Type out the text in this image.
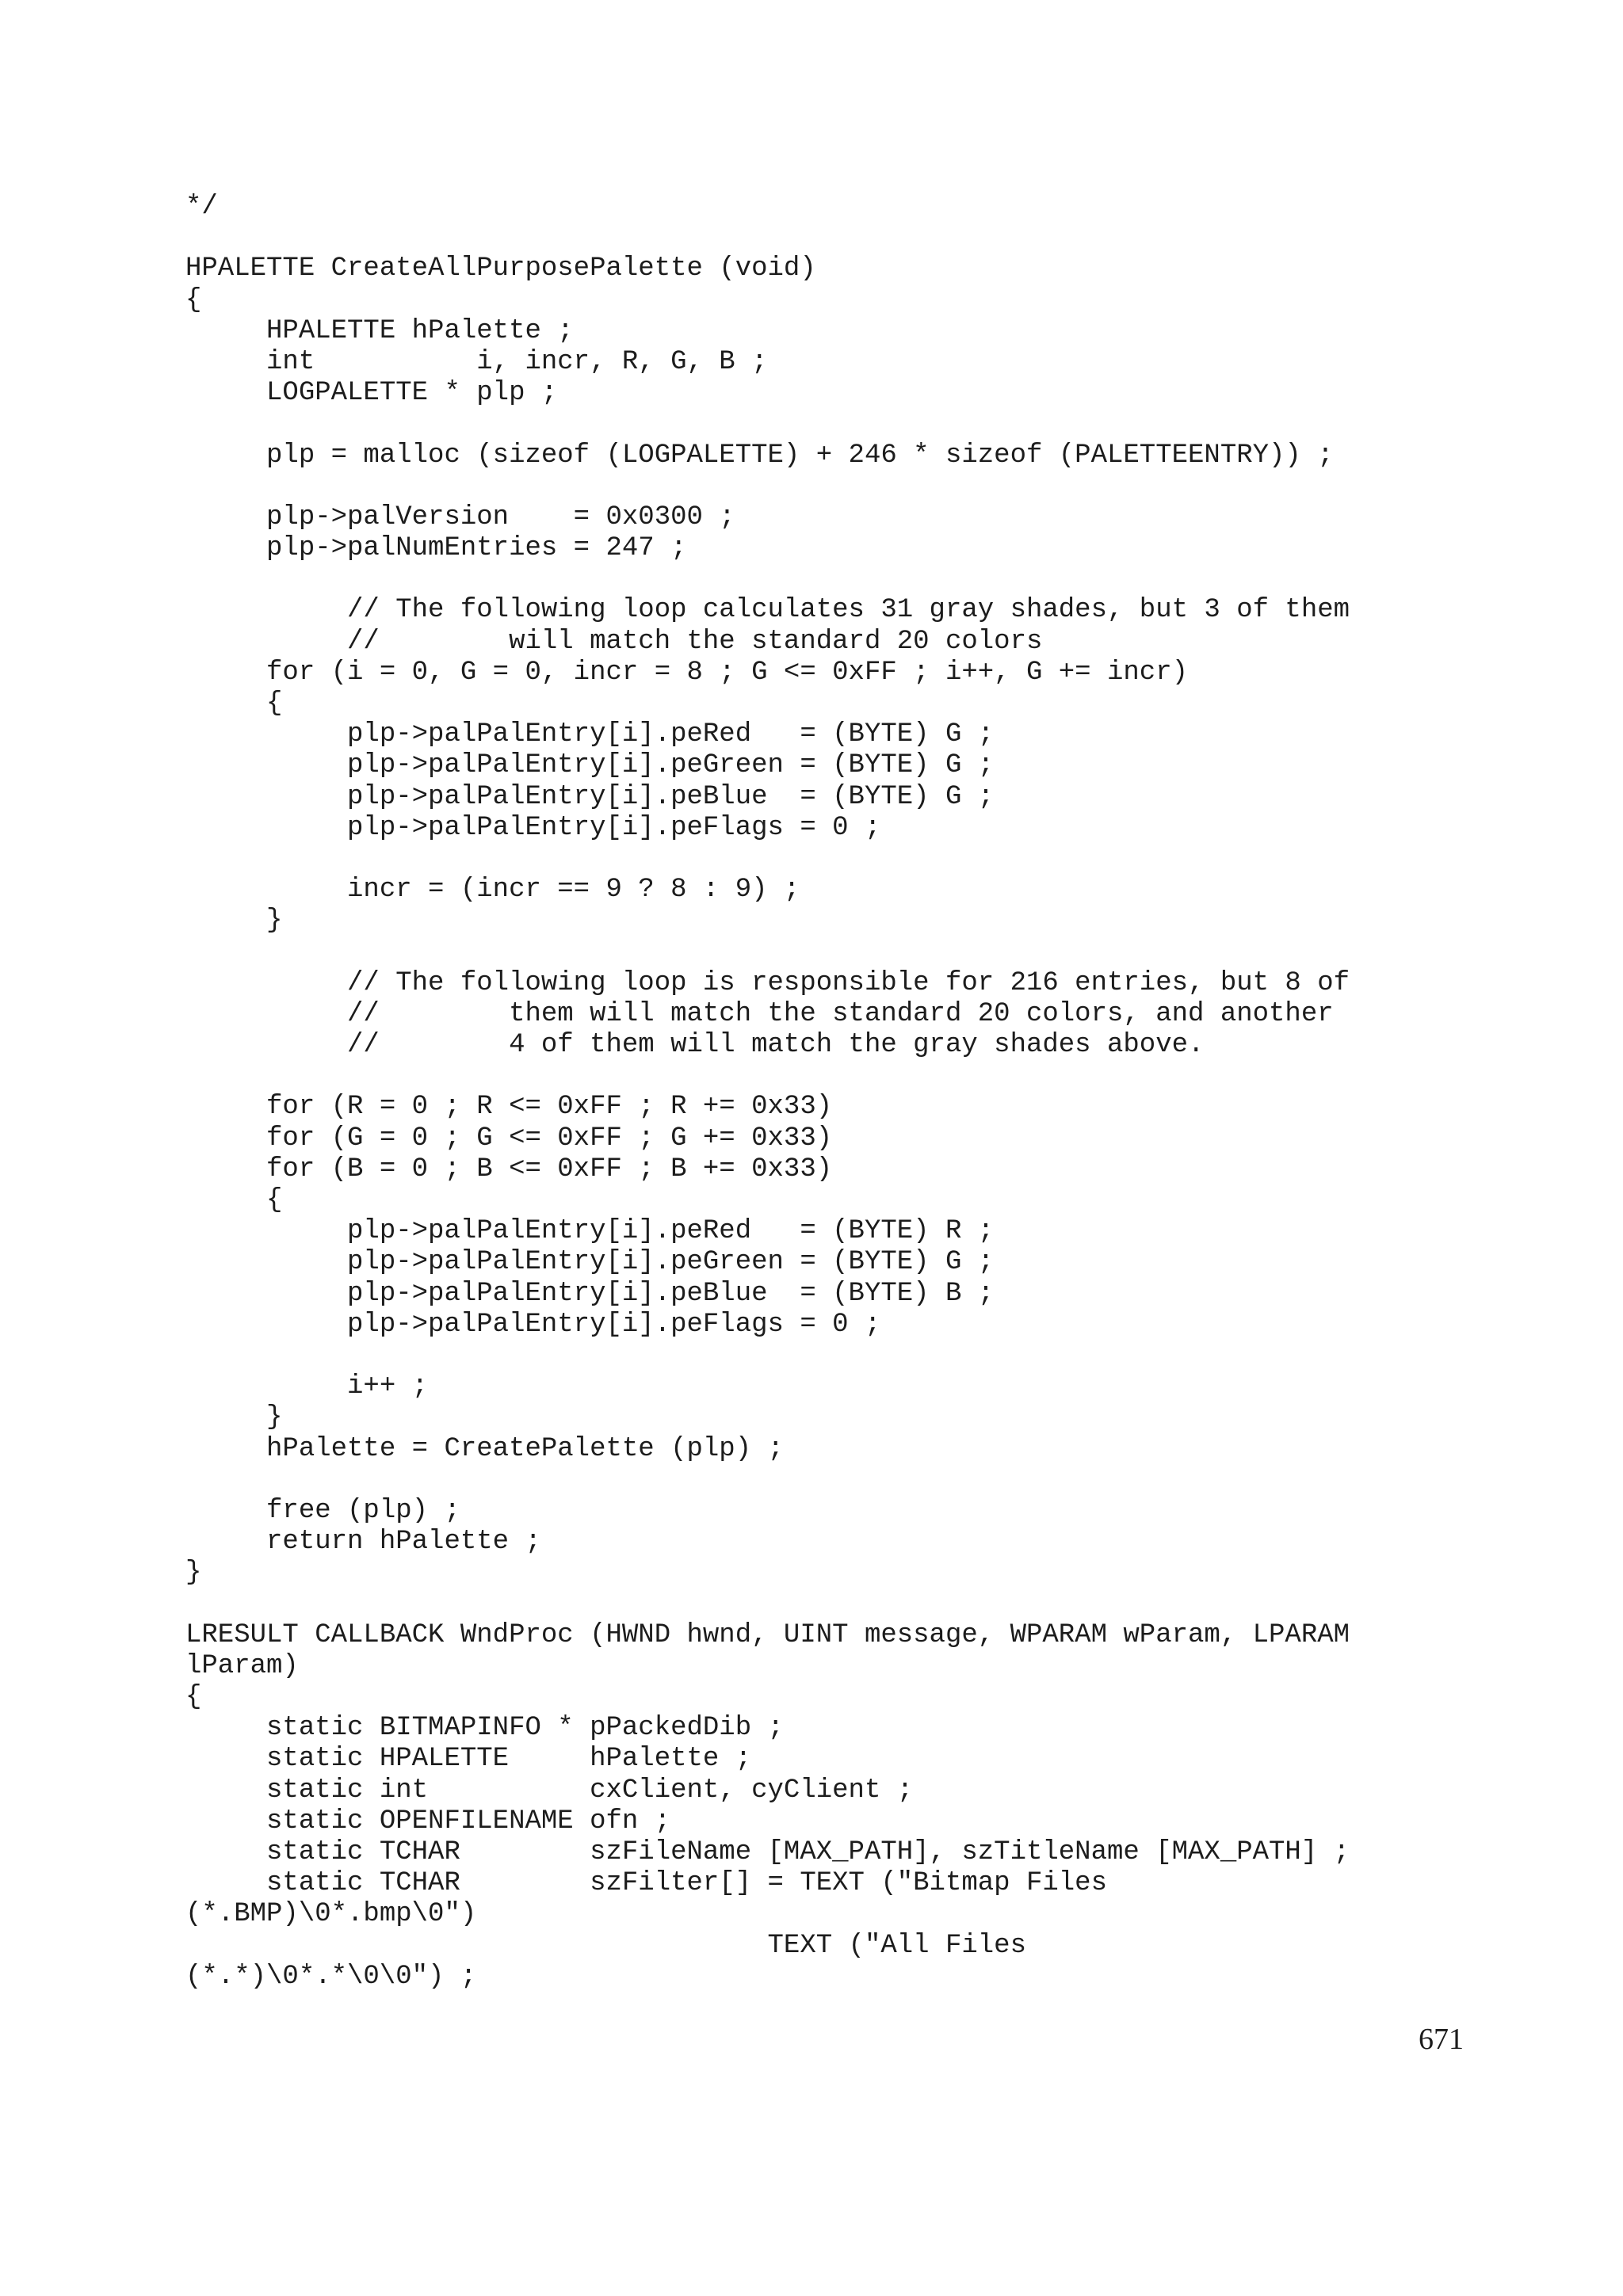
*/
HPALETTE CreateAllPurposePalette (void)
{
HPALETTE hPalette ;
int          i, incr, R, G, B ;
LOGPALETTE * plp ;
plp = malloc (sizeof (LOGPALETTE) + 246 * sizeof (PALETTEENTRY)) ;
plp->palVersion    = 0x0300 ;
plp->palNumEntries = 247 ;
// The following loop calculates 31 gray shades, but 3 of them
//        will match the standard 20 colors
for (i = 0, G = 0, incr = 8 ; G <= 0xFF ; i++, G += incr)
{
plp->palPalEntry[i].peRed   = (BYTE) G ;
plp->palPalEntry[i].peGreen = (BYTE) G ;
plp->palPalEntry[i].peBlue  = (BYTE) G ;
plp->palPalEntry[i].peFlags = 0 ;
incr = (incr == 9 ? 8 : 9) ;
}
// The following loop is responsible for 216 entries, but 8 of
//        them will match the standard 20 colors, and another
//        4 of them will match the gray shades above.
for (R = 0 ; R <= 0xFF ; R += 0x33)
for (G = 0 ; G <= 0xFF ; G += 0x33)
for (B = 0 ; B <= 0xFF ; B += 0x33)
{
plp->palPalEntry[i].peRed   = (BYTE) R ;
plp->palPalEntry[i].peGreen = (BYTE) G ;
plp->palPalEntry[i].peBlue  = (BYTE) B ;
plp->palPalEntry[i].peFlags = 0 ;
i++ ;
}
hPalette = CreatePalette (plp) ;
free (plp) ;
return hPalette ;
}
LRESULT CALLBACK WndProc (HWND hwnd, UINT message, WPARAM wParam, LPARAM
lParam)
{
static BITMAPINFO * pPackedDib ;
static HPALETTE     hPalette ;
static int          cxClient, cyClient ;
static OPENFILENAME ofn ;
static TCHAR        szFileName [MAX_PATH], szTitleName [MAX_PATH] ;
static TCHAR        szFilter[] = TEXT ("Bitmap Files
(*.BMP)\0*.bmp\0")
TEXT ("All Files
(*.*)\0*.*\0\0") ;
671
